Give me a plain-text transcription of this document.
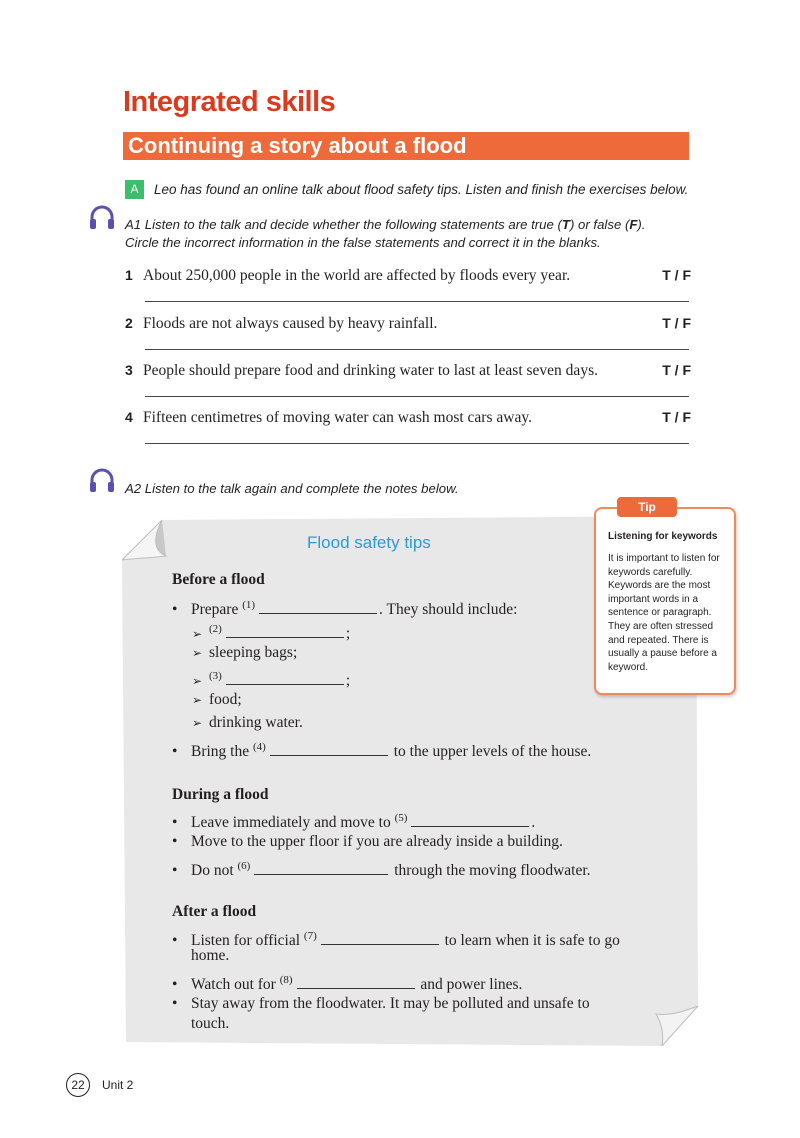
Integrated skills
Continuing a story about a flood
A	Leo has found an online talk about flood safety tips. Listen and finish the exercises below.
A1 Listen to the talk and decide whether the following statements are true (T) or false (F).
Circle the incorrect information in the false statements and correct it in the blanks.
1 About 250,000 people in the world are affected by floods every year.	T / F
2 Floods are not always caused by heavy rainfall.	T / F
3 People should prepare food and drinking water to last at least seven days.	T / F
4 Fifteen centimetres of moving water can wash most cars away.	T / F
A2 Listen to the talk again and complete the notes below.
Flood safety tips
Before a flood
• Prepare $^{(1)}$	. They should include:
➢ $^{(2)}$	;
➢ sleeping bags;
➢ $^{(3)}$	;
➢ food;
➢ drinking water.
• Bring the $^{(4)}$	to the upper levels of the house.
During a flood
• Leave immediately and move to $^{(5)}$	.
• Move to the upper floor if you are already inside a building.
• Do not $^{(6)}$	through the moving floodwater.
After a flood
• Listen for official $^{(7)}$	to learn when it is safe to go
home.
• Watch out for $^{(8)}$	and power lines.
• Stay away from the floodwater. It may be polluted and unsafe to
touch.
Tip
Listening for keywords
It is important to listen for keywords carefully. Keywords are the most important words in a sentence or paragraph. They are often stressed and repeated. There is usually a pause before a keyword.
22	Unit 2
